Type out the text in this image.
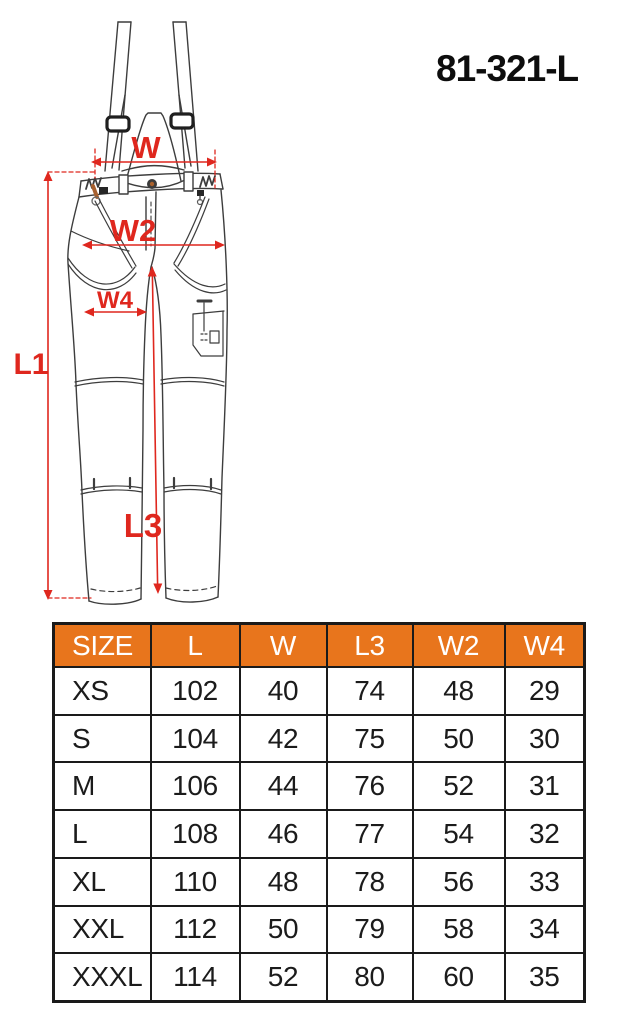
81-321-L
W
W2
W4
L1
L3
SIZE	L	W	L3	W2	W4
XS	102	40	74	48	29
S	104	42	75	50	30
M	106	44	76	52	31
L	108	46	77	54	32
XL	110	48	78	56	33
XXL	112	50	79	58	34
XXXL	114	52	80	60	35
